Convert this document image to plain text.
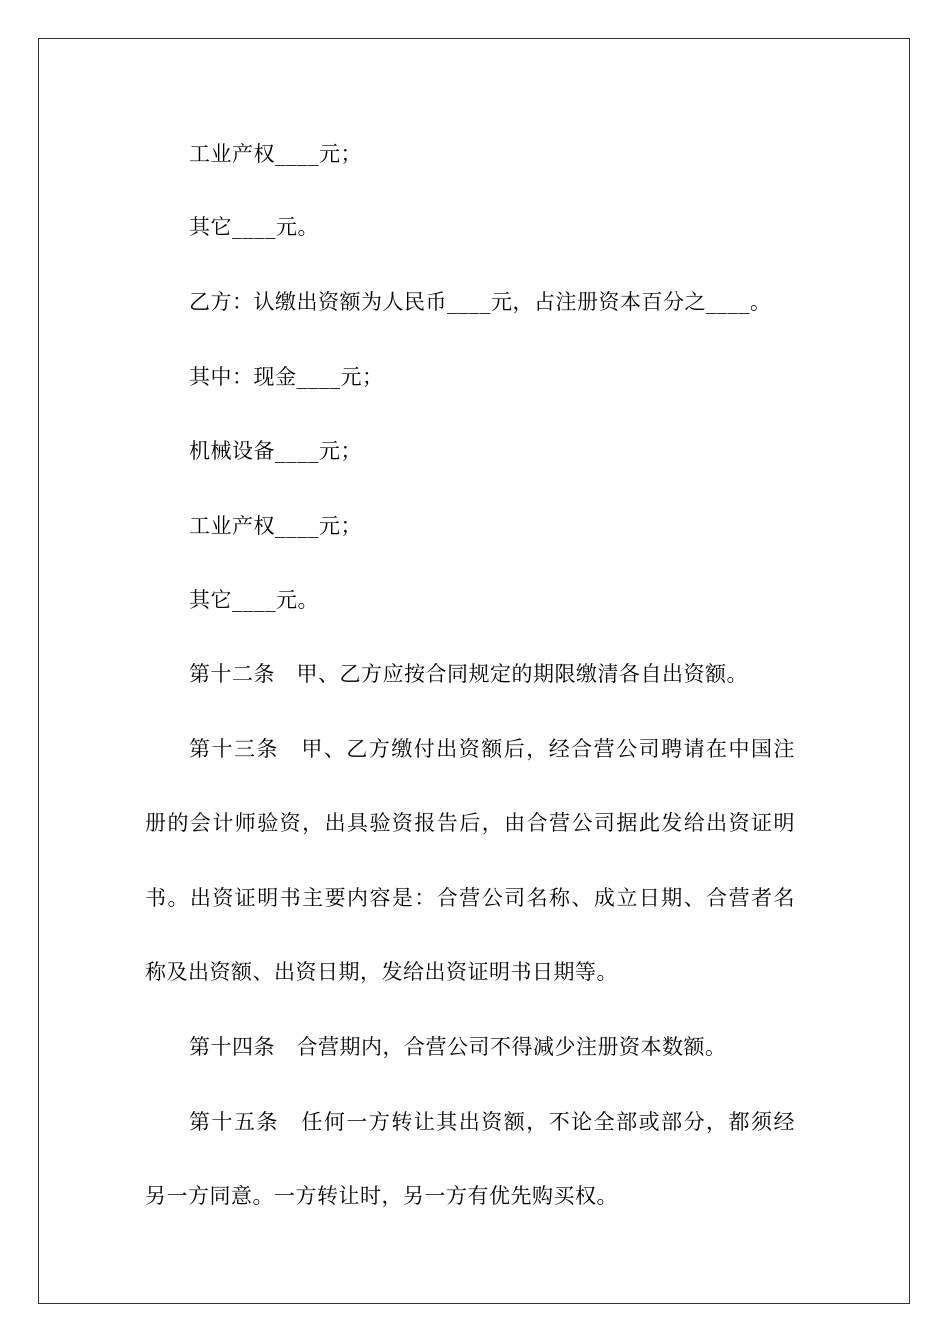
工业产权____元；
其它____元。
乙方：认缴出资额为人民币____元，占注册资本百分之____。
其中：现金____元；
机械设备____元；
工业产权____元；
其它____元。
第十二条　甲、乙方应按合同规定的期限缴清各自出资额。
第十三条　甲、乙方缴付出资额后，经合营公司聘请在中国注
册的会计师验资，出具验资报告后，由合营公司据此发给出资证明
书。出资证明书主要内容是：合营公司名称、成立日期、合营者名
称及出资额、出资日期，发给出资证明书日期等。
第十四条　合营期内，合营公司不得减少注册资本数额。
第十五条　任何一方转让其出资额，不论全部或部分，都须经
另一方同意。一方转让时，另一方有优先购买权。
